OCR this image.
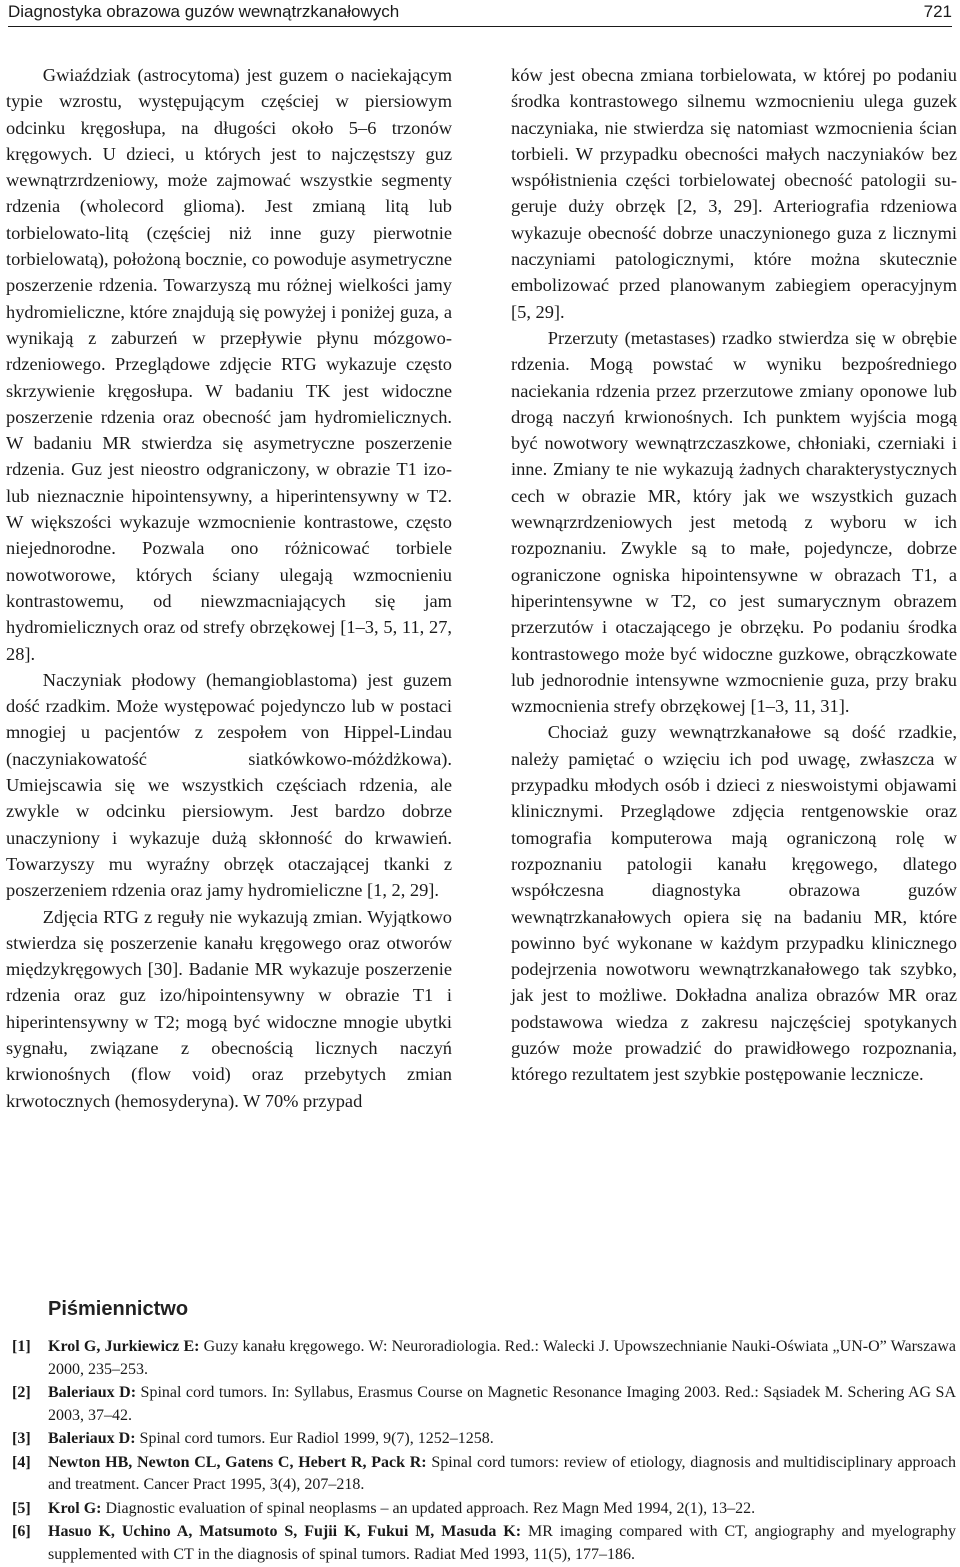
Diagnostyka obrazowa guzów wewnątrzkanałowych	721

Gwiaździak (astrocytoma) jest guzem o naciekającym typie wzrostu, występującym częściej w piersiowym odcinku kręgosłupa, na długości około 5–6 trzonów kręgowych. U dzieci, u których jest to najczęstszy guz wewnątrzrdzeniowy, może zajmować wszystkie segmenty rdzenia (wholecord glioma). Jest zmianą litą lub torbielowato-litą (częściej niż inne guzy pierwotnie torbielowatą), położoną bocznie, co powoduje asymetryczne poszerzenie rdzenia. Towarzyszą mu różnej wielkości jamy hydromieliczne, które znajdują się powyżej i poniżej guza, a wynikają z zaburzeń w przepływie płynu mózgowo-rdzeniowego. Przeglądowe zdjęcie RTG wykazuje często skrzywienie kręgosłupa. W badaniu TK jest widoczne poszerzenie rdzenia oraz obecność jam hydromielicznych. W badaniu MR stwierdza się asymetryczne poszerzenie rdzenia. Guz jest nieostro odgraniczony, w obrazie T1 izo- lub nieznacznie hipointensywny, a hiperintensywny w T2. W większości wykazuje wzmocnienie kontrastowe, często niejednorodne. Pozwala ono różnicować torbiele nowotworowe, których ściany ulegają wzmocnieniu kontrastowemu, od niewzmacniających się jam hydromielicznych oraz od strefy obrzękowej [1–3, 5, 11, 27, 28].

Naczyniak płodowy (hemangioblastoma) jest guzem dość rzadkim. Może występować pojedynczo lub w postaci mnogiej u pacjentów z zespołem von Hippel-Lindau (naczyniakowatość siatkówkowo-móżdżkowa). Umiejscawia się we wszystkich częściach rdzenia, ale zwykle w odcinku piersiowym. Jest bardzo dobrze unaczyniony i wykazuje dużą skłonność do krwawień. Towarzyszy mu wyraźny obrzęk otaczającej tkanki z poszerzeniem rdzenia oraz jamy hydromieliczne [1, 2, 29].

Zdjęcia RTG z reguły nie wykazują zmian. Wyjątkowo stwierdza się poszerzenie kanału kręgowego oraz otworów międzykręgowych [30]. Badanie MR wykazuje poszerzenie rdzenia oraz guz izo/hipointensywny w obrazie T1 i hiperintensywny w T2; mogą być widoczne mnogie ubytki sygnału, związane z obecnością licznych naczyń krwionośnych (flow void) oraz przebytych zmian krwotocznych (hemosyderyna). W 70% przypad

ków jest obecna zmiana torbielowata, w której po podaniu środka kontrastowego silnemu wzmocnieniu ulega guzek naczyniaka, nie stwierdza się natomiast wzmocnienia ścian torbieli. W przypadku obecności małych naczyniaków bez współistnienia części torbielowatej obecność patologii sugeruje duży obrzęk [2, 3, 29]. Arteriografia rdzeniowa wykazuje obecność dobrze unaczynionego guza z licznymi naczyniami patologicznymi, które można skutecznie embolizować przed planowanym zabiegiem operacyjnym [5, 29].

Przerzuty (metastases) rzadko stwierdza się w obrębie rdzenia. Mogą powstać w wyniku bezpośredniego naciekania rdzenia przez przerzutowe zmiany oponowe lub drogą naczyń krwionośnych. Ich punktem wyjścia mogą być nowotwory wewnątrzczaszkowe, chłoniaki, czerniaki i inne. Zmiany te nie wykazują żadnych charakterystycznych cech w obrazie MR, który jak we wszystkich guzach wewnąrzrdzeniowych jest metodą z wyboru w ich rozpoznaniu. Zwykle są to małe, pojedyncze, dobrze ograniczone ogniska hipointensywne w obrazach T1, a hiperintensywne w T2, co jest sumarycznym obrazem przerzutów i otaczającego je obrzęku. Po podaniu środka kontrastowego może być widoczne guzkowe, obrączkowate lub jednorodnie intensywne wzmocnienie guza, przy braku wzmocnienia strefy obrzękowej [1–3, 11, 31].

Chociaż guzy wewnątrzkanałowe są dość rzadkie, należy pamiętać o wzięciu ich pod uwagę, zwłaszcza w przypadku młodych osób i dzieci z nieswoistymi objawami klinicznymi. Przeglądowe zdjęcia rentgenowskie oraz tomografia komputerowa mają ograniczoną rolę w rozpoznaniu patologii kanału kręgowego, dlatego współczesna diagnostyka obrazowa guzów wewnątrzkanałowych opiera się na badaniu MR, które powinno być wykonane w każdym przypadku klinicznego podejrzenia nowotworu wewnątrzkanałowego tak szybko, jak jest to możliwe. Dokładna analiza obrazów MR oraz podstawowa wiedza z zakresu najczęściej spotykanych guzów może prowadzić do prawidłowego rozpoznania, którego rezultatem jest szybkie postępowanie lecznicze.

Piśmiennictwo
[1] Krol G, Jurkiewicz E: Guzy kanału kręgowego. W: Neuroradiologia. Red.: Walecki J. Upowszechnianie Nauki-Oświata „UN-O” Warszawa 2000, 235–253.
[2] Baleriaux D: Spinal cord tumors. In: Syllabus, Erasmus Course on Magnetic Resonance Imaging 2003. Red.: Sąsiadek M. Schering AG SA 2003, 37–42.
[3] Baleriaux D: Spinal cord tumors. Eur Radiol 1999, 9(7), 1252–1258.
[4] Newton HB, Newton CL, Gatens C, Hebert R, Pack R: Spinal cord tumors: review of etiology, diagnosis and multidisciplinary approach and treatment. Cancer Pract 1995, 3(4), 207–218.
[5] Krol G: Diagnostic evaluation of spinal neoplasms – an updated approach. Rez Magn Med 1994, 2(1), 13–22.
[6] Hasuo K, Uchino A, Matsumoto S, Fujii K, Fukui M, Masuda K: MR imaging compared with CT, angiography and myelography supplemented with CT in the diagnosis of spinal tumors. Radiat Med 1993, 11(5), 177–186.
